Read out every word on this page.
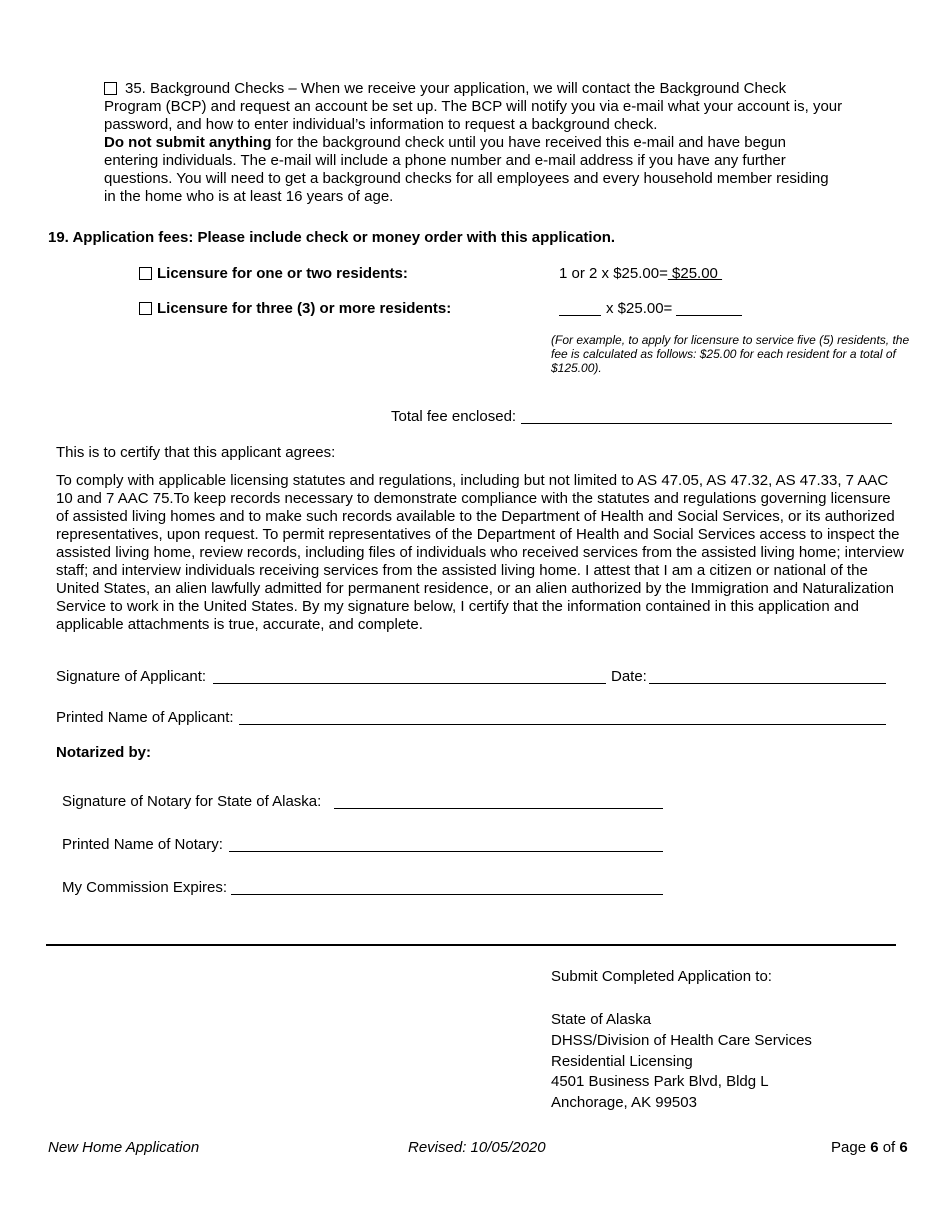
35. Background Checks – When we receive your application, we will contact the Background Check Program (BCP) and request an account be set up. The BCP will notify you via e-mail what your account is, your password, and how to enter individual’s information to request a background check.

Do not submit anything for the background check until you have received this e-mail and have begun entering individuals. The e-mail will include a phone number and e-mail address if you have any further questions. You will need to get a background checks for all employees and every household member residing in the home who is at least 16 years of age.

19. Application fees: Please include check or money order with this application.
Licensure for one or two residents:	1 or 2 x $25.00= $25.00
Licensure for three (3) or more residents:	x $25.00=
(For example, to apply for licensure to service five (5) residents, the fee is calculated as follows: $25.00 for each resident for a total of $125.00).
Total fee enclosed:
This is to certify that this applicant agrees:
To comply with applicable licensing statutes and regulations, including but not limited to AS 47.05, AS 47.32, AS 47.33, 7 AAC 10 and 7 AAC 75.To keep records necessary to demonstrate compliance with the statutes and regulations governing licensure of assisted living homes and to make such records available to the Department of Health and Social Services, or its authorized representatives, upon request. To permit representatives of the Department of Health and Social Services access to inspect the assisted living home, review records, including files of individuals who received services from the assisted living home; interview staff; and interview individuals receiving services from the assisted living home. I attest that I am a citizen or national of the United States, an alien lawfully admitted for permanent residence, or an alien authorized by the Immigration and Naturalization Service to work in the United States. By my signature below, I certify that the information contained in this application and applicable attachments is true, accurate, and complete.
Signature of Applicant:	Date:
Printed Name of Applicant:
Notarized by:
Signature of Notary for State of Alaska:
Printed Name of Notary:
My Commission Expires:
Submit Completed Application to:
State of Alaska
DHSS/Division of Health Care Services
Residential Licensing
4501 Business Park Blvd, Bldg L
Anchorage, AK 99503
New Home Application	Revised: 10/05/2020	Page 6 of 6
